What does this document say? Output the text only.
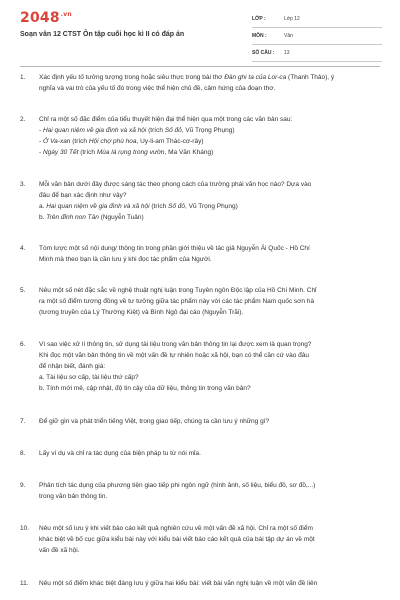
$2048^{.vn}$
Soạn văn 12 CTST Ôn tập cuối học kì II có đáp án
LỚP :	Lớp 12
MÔN :	Văn
SỐ CÂU :	13
1. Xác định yếu tố tưởng tượng trong hoặc siêu thực trong bài thơ Đàn ghi ta của Lor-ca (Thanh Thảo), ý
nghĩa và vai trò của yếu tố đó trong việc thể hiện chủ đề, cảm hứng của đoạn thơ.
2. Chỉ ra một số đặc điểm của tiểu thuyết hiện đại thể hiện qua một trong các văn bản sau:
- Hai quan niệm về gia đình và xã hội (trích Số đỏ, Vũ Trọng Phụng)
- Ở Va-xan (trích Hội chợ phù hoa, Uy-li-am Thác-cơ-rây)
- Ngày 30 Tết (trích Mùa lá rụng trong vườn, Ma Văn Kháng)
3. Mỗi văn bản dưới đây được sáng tác theo phong cách của trường phái văn học nào? Dựa vào
đâu để bạn xác định như vậy?
a. Hai quan niệm về gia đình và xã hội (trích Số đỏ, Vũ Trọng Phụng)
b. Trên đỉnh non Tản (Nguyễn Tuân)
4. Tóm lược một số nội dung/ thông tin trong phần giới thiệu về tác giả Nguyễn Ái Quốc - Hồ Chí
Minh mà theo bạn là cần lưu ý khi đọc tác phẩm của Người.
5. Nêu một số nét đặc sắc về nghệ thuật nghị luận trong Tuyên ngôn Độc lập của Hồ Chí Minh. Chỉ
ra một số điểm tương đồng về tư tưởng giữa tác phẩm này với các tác phẩm Nam quốc sơn hà
(tương truyền của Lý Thường Kiệt) và Bình Ngô đại cáo (Nguyễn Trãi).
6. Vì sao việc xử lí thông tin, sử dụng tài liệu trong văn bản thông tin lại được xem là quan trọng?
Khi đọc một văn bản thông tin về một vấn đề tự nhiên hoặc xã hội, bạn có thể cần cứ vào đâu
để nhận biết, đánh giá:
a. Tài liệu sơ cấp, tài liệu thứ cấp?
b. Tính mới mẻ, cập nhật, độ tin cậy của dữ liệu, thông tin trong văn bản?
7. Để giữ gìn và phát triển tiếng Việt, trong giao tiếp, chúng ta cần lưu ý những gì?
8. Lấy ví dụ và chỉ ra tác dụng của biện pháp tu từ nói mỉa.
9. Phân tích tác dụng của phương tiện giao tiếp phi ngôn ngữ (hình ảnh, số liệu, biểu đồ, sơ đồ,...)
trong văn bản thông tin.
10. Nêu một số lưu ý khi viết báo cáo kết quả nghiên cứu về một vấn đề xã hội. Chỉ ra một số điểm
khác biệt về bố cục giữa kiểu bài này với kiểu bài viết báo cáo kết quả của bài tập dự án về một
vấn đề xã hội.
11. Nêu một số điểm khác biệt đáng lưu ý giữa hai kiểu bài: viết bài văn nghị luận về một vấn đề liên
